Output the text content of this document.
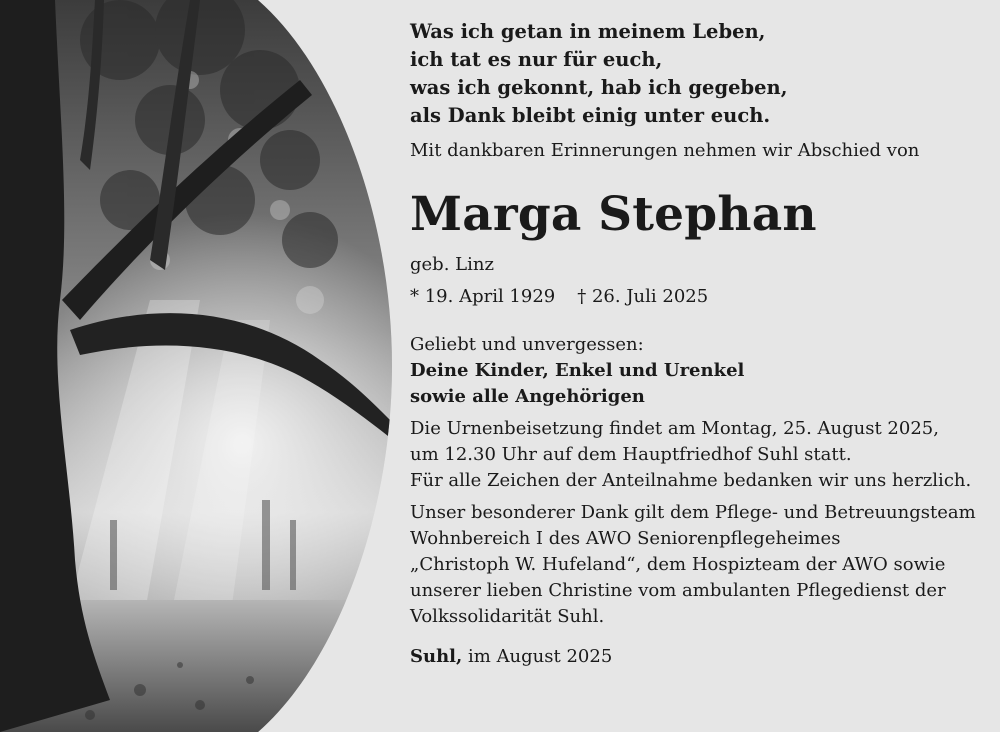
Was ich getan in meinem Leben,
ich tat es nur für euch,
was ich gekonnt, hab ich gegeben,
als Dank bleibt einig unter euch.

Mit dankbaren Erinnerungen nehmen wir Abschied von

Marga Stephan

geb. Linz

* 19. April 1929 † 26. Juli 2025

Geliebt und unvergessen:

Deine Kinder, Enkel und Urenkel

sowie alle Angehörigen

Die Urnenbeisetzung findet am Montag, 25. August 2025,

um 12.30 Uhr auf dem Hauptfriedhof Suhl statt.

Für alle Zeichen der Anteilnahme bedanken wir uns herzlich.

Unser besonderer Dank gilt dem Pflege- und Betreuungsteam

Wohnbereich I des AWO Seniorenpflegeheimes

„Christoph W. Hufeland“, dem Hospizteam der AWO sowie

unserer lieben Christine vom ambulanten Pflegedienst der

Volkssolidarität Suhl.

Suhl, im August 2025
